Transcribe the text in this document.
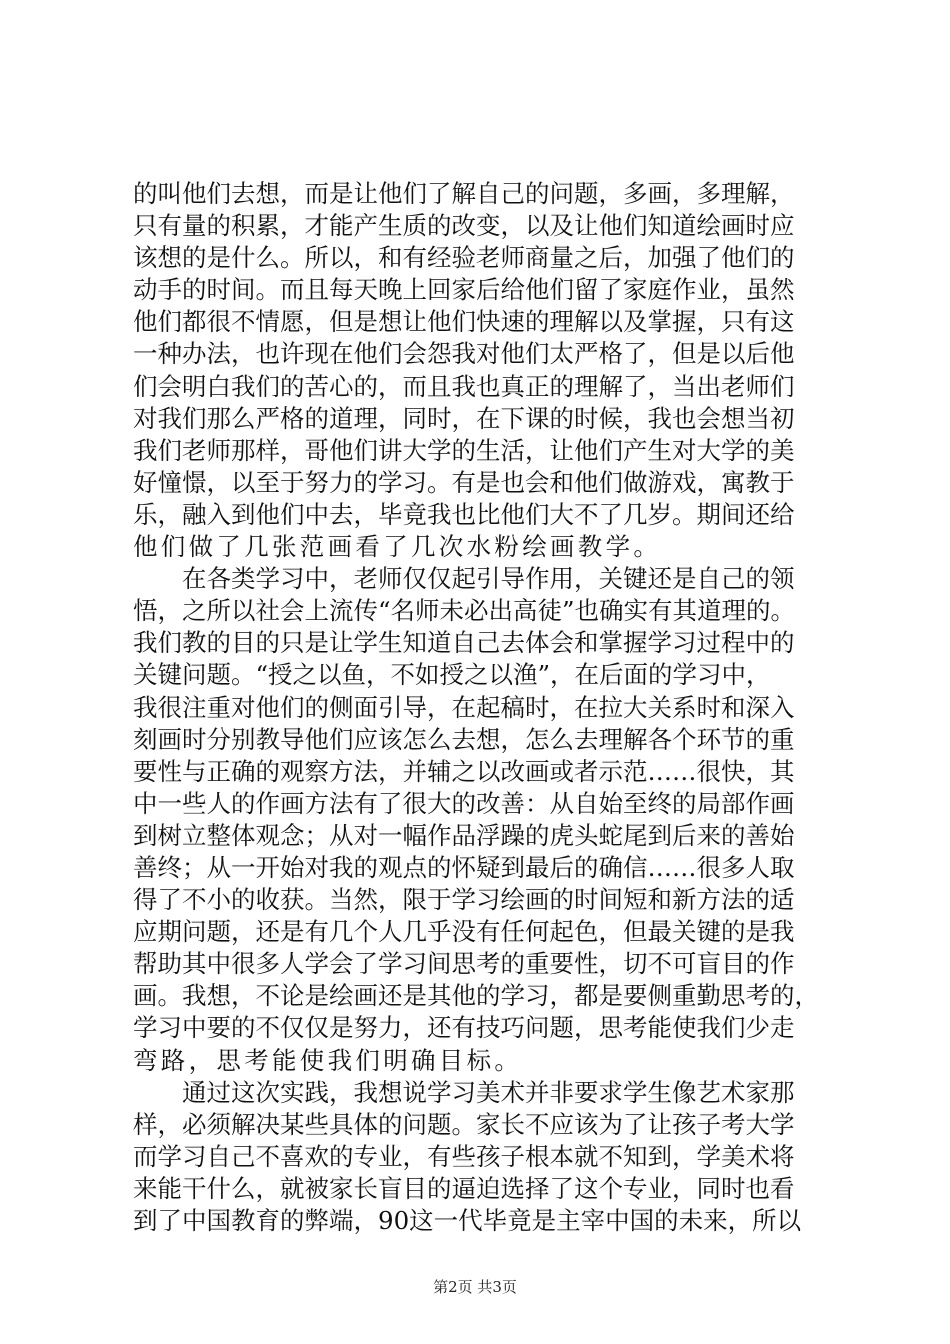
的叫他们去想，而是让他们了解自己的问题，多画，多理解，
只有量的积累，才能产生质的改变，以及让他们知道绘画时应
该想的是什么。所以，和有经验老师商量之后，加强了他们的
动手的时间。而且每天晚上回家后给他们留了家庭作业，虽然
他们都很不情愿，但是想让他们快速的理解以及掌握，只有这
一种办法，也许现在他们会怨我对他们太严格了，但是以后他
们会明白我们的苦心的，而且我也真正的理解了，当出老师们
对我们那么严格的道理，同时，在下课的时候，我也会想当初
我们老师那样，哥他们讲大学的生活，让他们产生对大学的美
好憧憬，以至于努力的学习。有是也会和他们做游戏，寓教于
乐，融入到他们中去，毕竟我也比他们大不了几岁。期间还给
他们做了几张范画看了几次水粉绘画教学。
　　在各类学习中，老师仅仅起引导作用，关键还是自己的领
悟，之所以社会上流传“名师未必出高徒”也确实有其道理的。
我们教的目的只是让学生知道自己去体会和掌握学习过程中的
关键问题。“授之以鱼，不如授之以渔”，在后面的学习中，
我很注重对他们的侧面引导，在起稿时，在拉大关系时和深入
刻画时分别教导他们应该怎么去想，怎么去理解各个环节的重
要性与正确的观察方法，并辅之以改画或者示范……很快，其
中一些人的作画方法有了很大的改善：从自始至终的局部作画
到树立整体观念；从对一幅作品浮躁的虎头蛇尾到后来的善始
善终；从一开始对我的观点的怀疑到最后的确信……很多人取
得了不小的收获。当然，限于学习绘画的时间短和新方法的适
应期问题，还是有几个人几乎没有任何起色，但最关键的是我
帮助其中很多人学会了学习间思考的重要性，切不可盲目的作
画。我想，不论是绘画还是其他的学习，都是要侧重勤思考的，
学习中要的不仅仅是努力，还有技巧问题，思考能使我们少走
弯路，思考能使我们明确目标。
　　通过这次实践，我想说学习美术并非要求学生像艺术家那
样，必须解决某些具体的问题。家长不应该为了让孩子考大学
而学习自己不喜欢的专业，有些孩子根本就不知到，学美术将
来能干什么，就被家长盲目的逼迫选择了这个专业，同时也看
到了中国教育的弊端，90这一代毕竟是主宰中国的未来，所以
第2页 共3页
